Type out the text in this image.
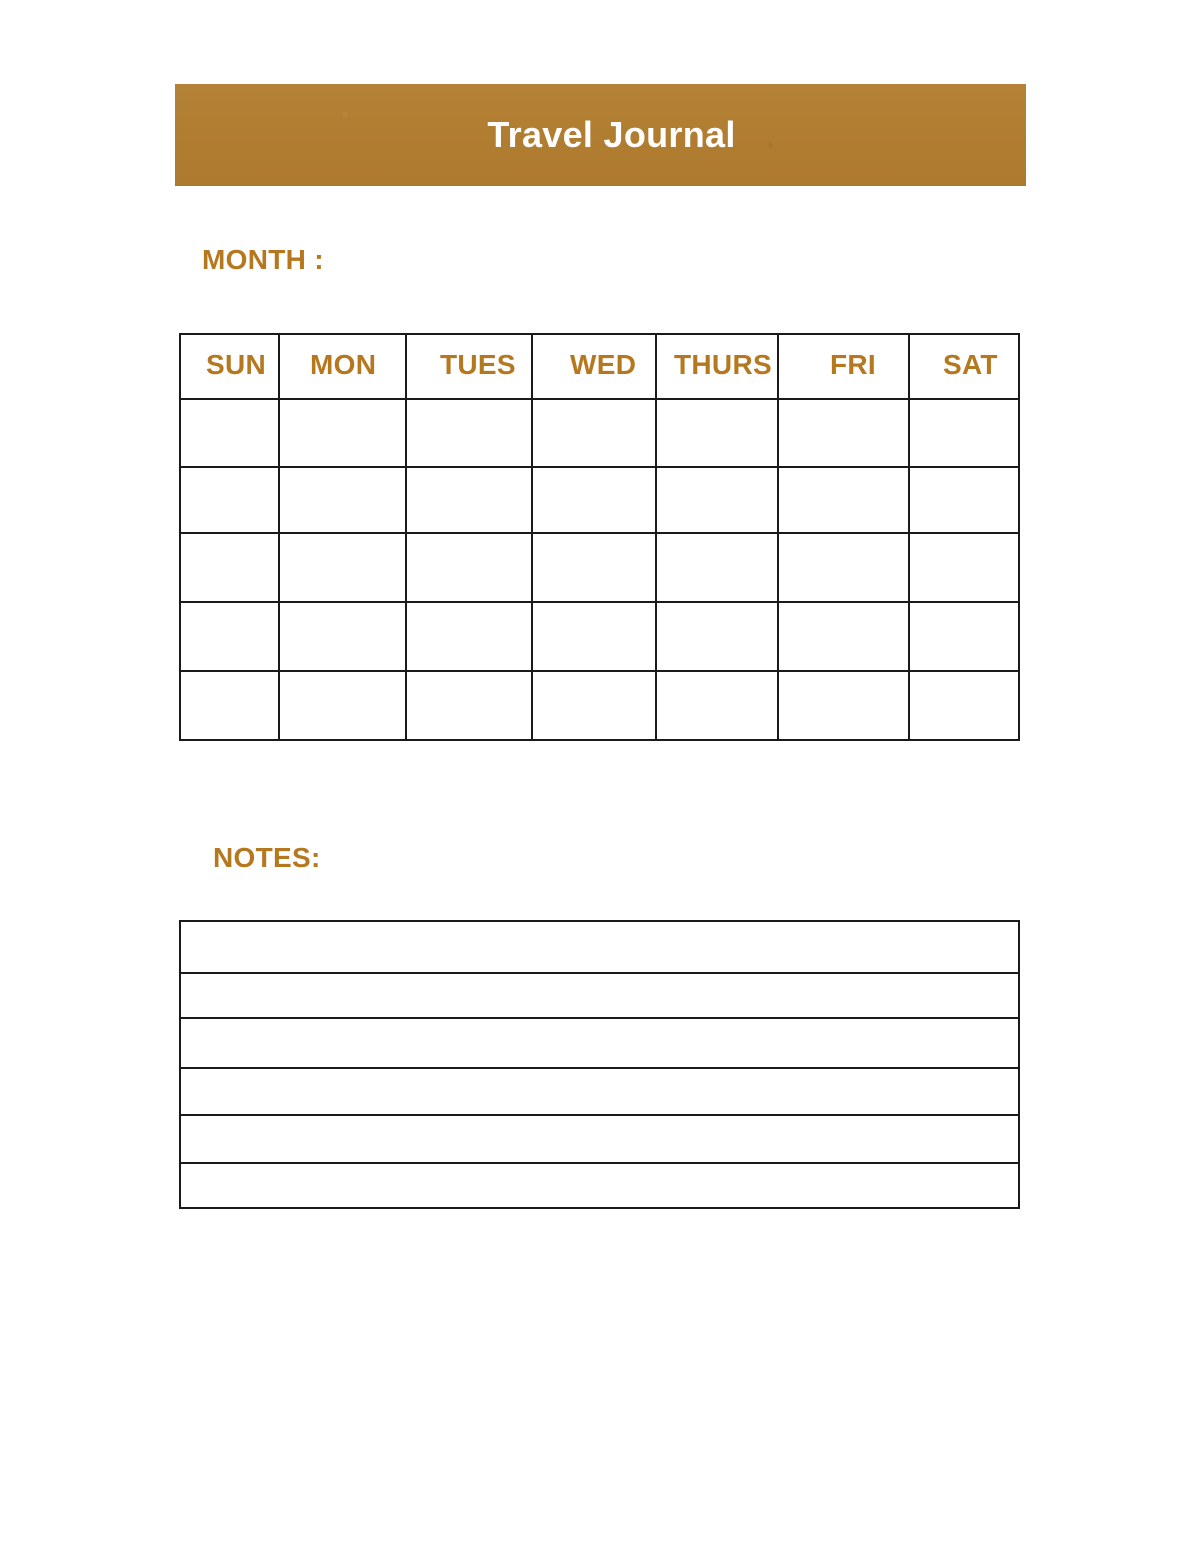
Travel Journal
MONTH :
SUN MON TUES WED THURS FRI SAT
NOTES:
